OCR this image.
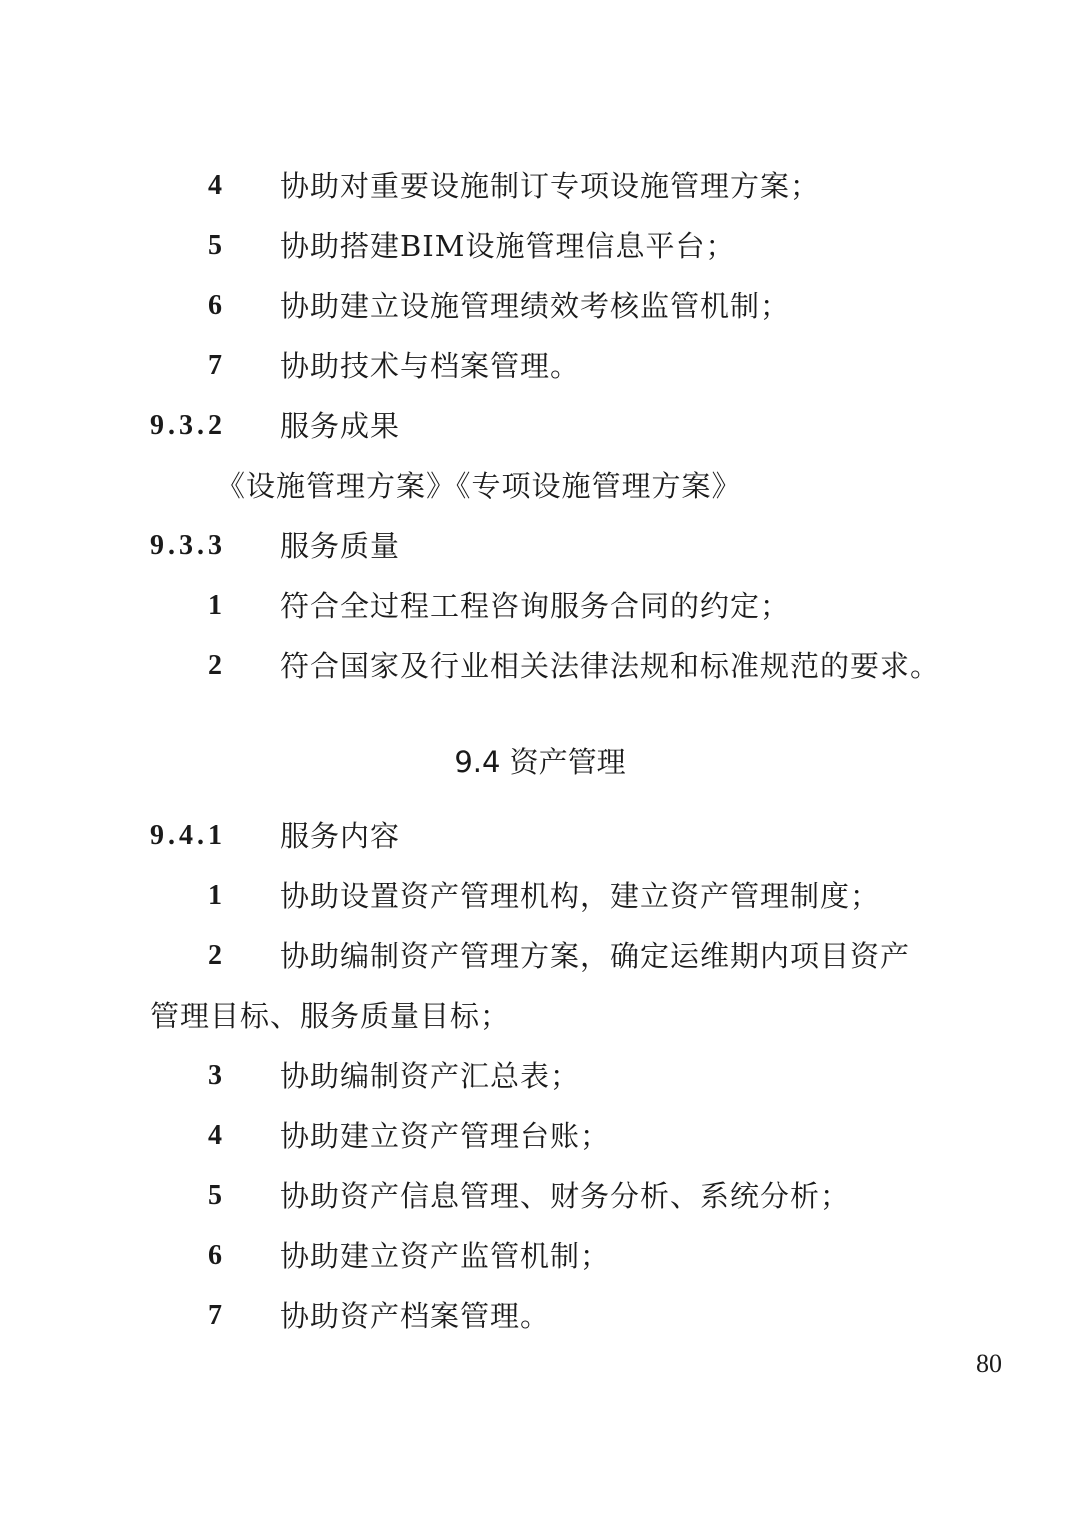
4 协助对重要设施制订专项设施管理方案；
5 协助搭建BIM设施管理信息平台；
6 协助建立设施管理绩效考核监管机制；
7 协助技术与档案管理。
9.3.2 服务成果
《设施管理方案》《专项设施管理方案》
9.3.3 服务质量
1 符合全过程工程咨询服务合同的约定；
2 符合国家及行业相关法律法规和标准规范的要求。
9.4 资产管理
9.4.1 服务内容
1 协助设置资产管理机构，建立资产管理制度；
2 协助编制资产管理方案，确定运维期内项目资产
管理目标、服务质量目标；
3 协助编制资产汇总表；
4 协助建立资产管理台账；
5 协助资产信息管理、财务分析、系统分析；
6 协助建立资产监管机制；
7 协助资产档案管理。
80
